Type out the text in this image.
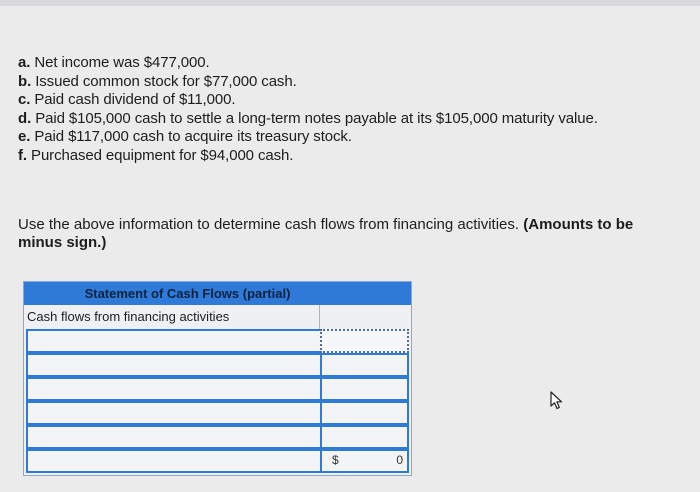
a. Net income was $477,000.
b. Issued common stock for $77,000 cash.
c. Paid cash dividend of $11,000.
d. Paid $105,000 cash to settle a long-term notes payable at its $105,000 maturity value.
e. Paid $117,000 cash to acquire its treasury stock.
f. Purchased equipment for $94,000 cash.
Use the above information to determine cash flows from financing activities. (Amounts to be
minus sign.)
Statement of Cash Flows (partial)
Cash flows from financing activities
$	0
